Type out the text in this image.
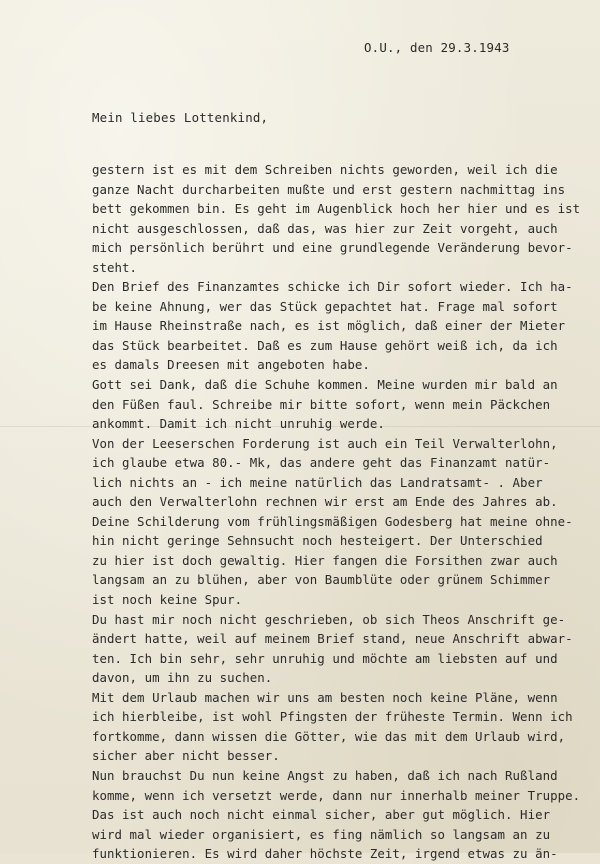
O.U., den 29.3.1943
Mein liebes Lottenkind,
gestern ist es mit dem Schreiben nichts geworden, weil ich die
ganze Nacht durcharbeiten mußte und erst gestern nachmittag ins
bett gekommen bin. Es geht im Augenblick hoch her hier und es ist
nicht ausgeschlossen, daß das, was hier zur Zeit vorgeht, auch
mich persönlich berührt und eine grundlegende Veränderung bevor-
steht.
Den Brief des Finanzamtes schicke ich Dir sofort wieder. Ich ha-
be keine Ahnung, wer das Stück gepachtet hat. Frage mal sofort
im Hause Rheinstraße nach, es ist möglich, daß einer der Mieter
das Stück bearbeitet. Daß es zum Hause gehört weiß ich, da ich
es damals Dreesen mit angeboten habe.
Gott sei Dank, daß die Schuhe kommen. Meine wurden mir bald an
den Füßen faul. Schreibe mir bitte sofort, wenn mein Päckchen
ankommt. Damit ich nicht unruhig werde.
Von der Leeserschen Forderung ist auch ein Teil Verwalterlohn,
ich glaube etwa 80.- Mk, das andere geht das Finanzamt natür-
lich nichts an - ich meine natürlich das Landratsamt- . Aber
auch den Verwalterlohn rechnen wir erst am Ende des Jahres ab.
Deine Schilderung vom frühlingsmäßigen Godesberg hat meine ohne-
hin nicht geringe Sehnsucht noch hesteigert. Der Unterschied
zu hier ist doch gewaltig. Hier fangen die Forsithen zwar auch
langsam an zu blühen, aber von Baumblüte oder grünem Schimmer
ist noch keine Spur.
Du hast mir noch nicht geschrieben, ob sich Theos Anschrift ge-
ändert hatte, weil auf meinem Brief stand, neue Anschrift abwar-
ten. Ich bin sehr, sehr unruhig und möchte am liebsten auf und
davon, um ihn zu suchen.
Mit dem Urlaub machen wir uns am besten noch keine Pläne, wenn
ich hierbleibe, ist wohl Pfingsten der früheste Termin. Wenn ich
fortkomme, dann wissen die Götter, wie das mit dem Urlaub wird,
sicher aber nicht besser.
Nun brauchst Du nun keine Angst zu haben, daß ich nach Rußland
komme, wenn ich versetzt werde, dann nur innerhalb meiner Truppe.
Das ist auch noch nicht einmal sicher, aber gut möglich. Hier
wird mal wieder organisiert, es fing nämlich so langsam an zu
funktionieren. Es wird daher höchste Zeit, irgend etwas zu än-
